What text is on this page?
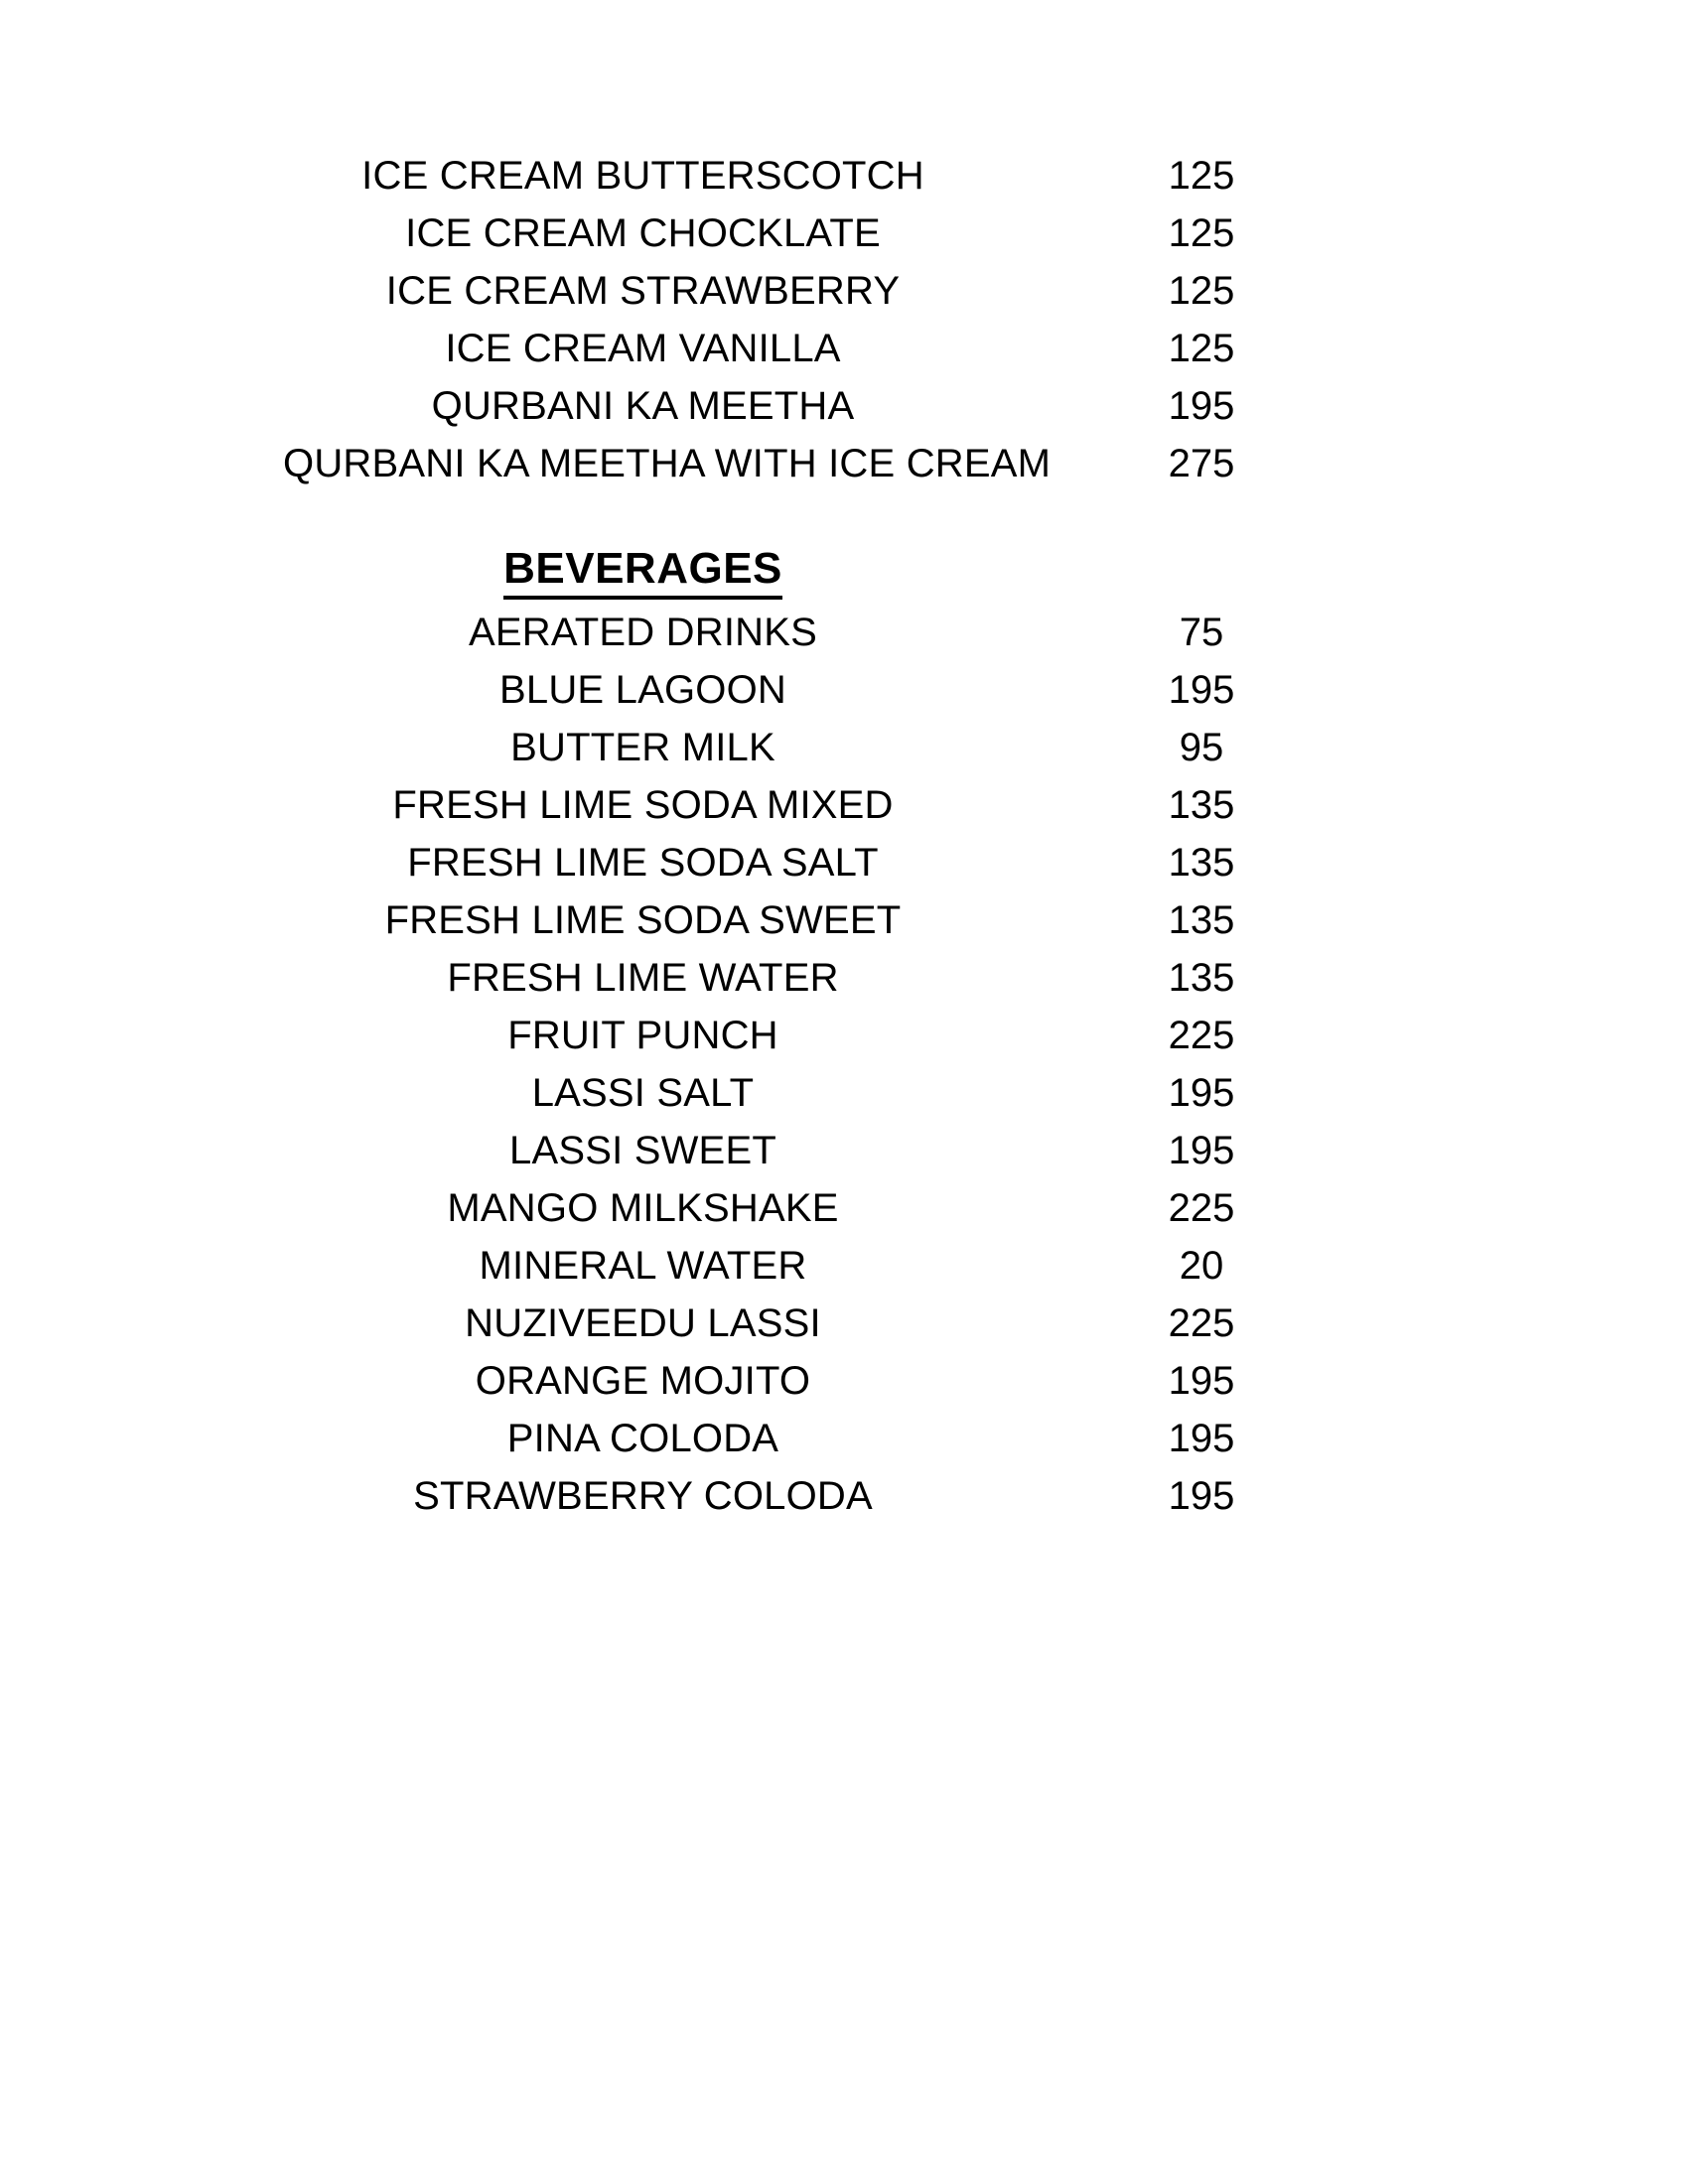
ICE CREAM BUTTERSCOTCH	125
ICE CREAM CHOCKLATE	125
ICE CREAM STRAWBERRY	125
ICE CREAM VANILLA	125
QURBANI KA MEETHA	195
QURBANI KA MEETHA WITH ICE CREAM	275
BEVERAGES
AERATED DRINKS	75
BLUE LAGOON	195
BUTTER MILK	95
FRESH LIME SODA MIXED	135
FRESH LIME SODA SALT	135
FRESH LIME SODA SWEET	135
FRESH LIME WATER	135
FRUIT PUNCH	225
LASSI SALT	195
LASSI SWEET	195
MANGO MILKSHAKE	225
MINERAL WATER	20
NUZIVEEDU LASSI	225
ORANGE MOJITO	195
PINA COLODA	195
STRAWBERRY COLODA	195
